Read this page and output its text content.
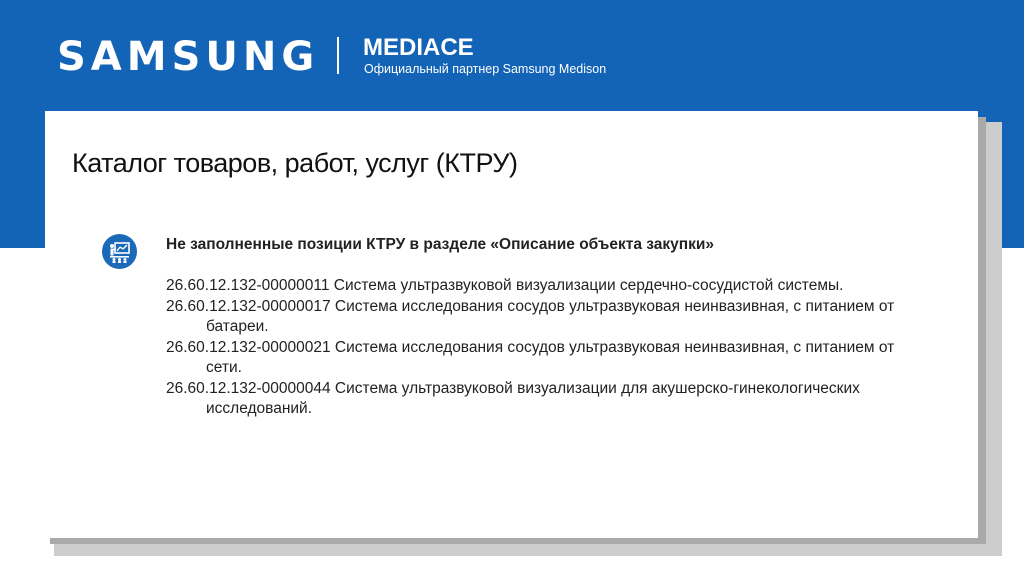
SAMSUNG MEDIACE
Официальный партнер Samsung Medison
Каталог товаров, работ, услуг (КТРУ)
Не заполненные позиции КТРУ в разделе «Описание объекта закупки»
26.60.12.132-00000011 Система ультразвуковой визуализации сердечно-сосудистой системы.
26.60.12.132-00000017 Система исследования сосудов ультразвуковая неинвазивная, с питанием от батареи.
26.60.12.132-00000021 Система исследования сосудов ультразвуковая неинвазивная, с питанием от сети.
26.60.12.132-00000044 Система ультразвуковой визуализации для акушерско-гинекологических исследований.
